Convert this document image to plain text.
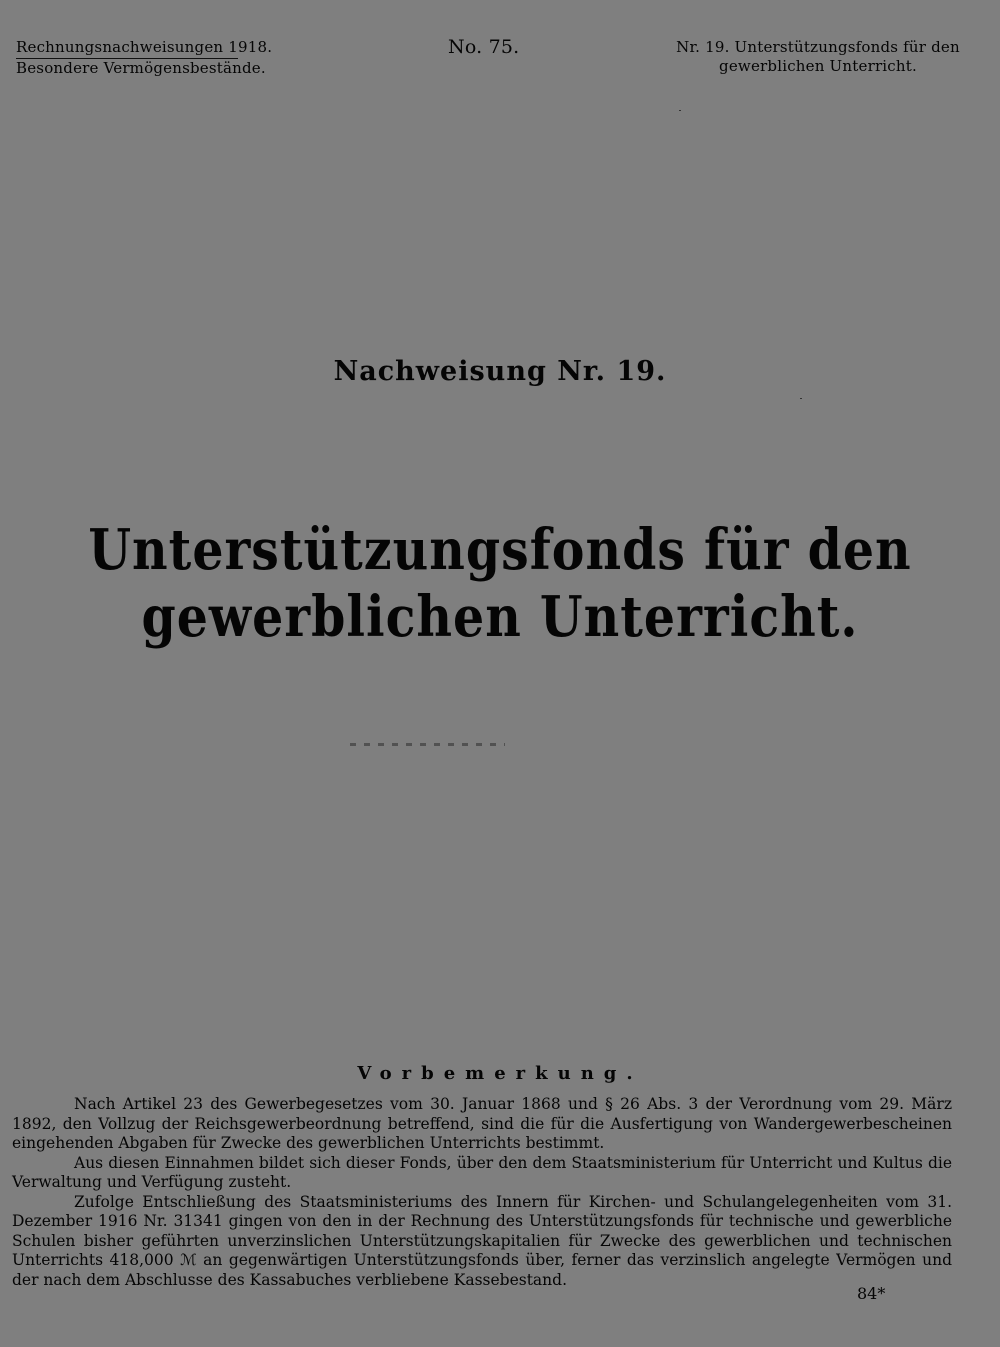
Rechnungsnachweisungen 1918.
Besondere Vermögensbestände.
No. 75.	Nr. 19. Unterstützungsfonds für den
gewerblichen Unterricht.
Nachweisung Nr. 19.
Unterstützungsfonds für den gewerblichen Unterricht.
Vorbemerkung.

Nach Artikel 23 des Gewerbegesetzes vom 30. Januar 1868 und § 26 Abs. 3 der Verordnung vom 29. März 1892, den Vollzug der Reichsgewerbeordnung betreffend, sind die für die Ausfertigung von Wandergewerbescheinen eingehenden Abgaben für Zwecke des gewerblichen Unterrichts bestimmt.

Aus diesen Einnahmen bildet sich dieser Fonds, über den dem Staatsministerium für Unterricht und Kultus die Verwaltung und Verfügung zusteht.

Zufolge Entschließung des Staatsministeriums des Innern für Kirchen- und Schulangelegenheiten vom 31. Dezember 1916 Nr. 31341 gingen von den in der Rechnung des Unterstützungsfonds für technische und gewerbliche Schulen bisher geführten unverzinslichen Unterstützungskapitalien für Zwecke des gewerblichen und technischen Unterrichts 418,000 ℳ an gegenwärtigen Unterstützungsfonds über, ferner das verzinslich angelegte Vermögen und der nach dem Abschlusse des Kassabuches verbliebene Kassebestand.

84*
